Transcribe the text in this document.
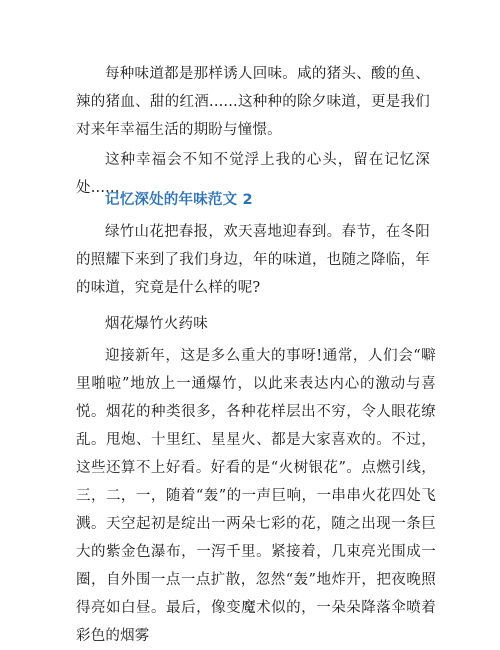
每种味道都是那样诱人回味。咸的猪头、酸的鱼、辣的猪血、甜的红酒......这种种的除夕味道，更是我们对来年幸福生活的期盼与憧憬。

这种幸福会不知不觉浮上我的心头，留在记忆深处......

记忆深处的年味范文 2

绿竹山花把春报，欢天喜地迎春到。春节，在冬阳的照耀下来到了我们身边，年的味道，也随之降临，年的味道，究竟是什么样的呢?

烟花爆竹火药味

迎接新年，这是多么重大的事呀!通常，人们会“噼里啪啦”地放上一通爆竹，以此来表达内心的激动与喜悦。烟花的种类很多，各种花样层出不穷，令人眼花缭乱。甩炮、十里红、星星火、都是大家喜欢的。不过，这些还算不上好看。好看的是“火树银花”。点燃引线，三，二，一，随着“轰”的一声巨响，一串串火花四处飞溅。天空起初是绽出一两朵七彩的花，随之出现一条巨大的紫金色瀑布，一泻千里。紧接着，几束亮光围成一圈，自外围一点一点扩散，忽然“轰”地炸开，把夜晚照得亮如白昼。最后，像变魔术似的，一朵朵降落伞喷着彩色的烟雾
